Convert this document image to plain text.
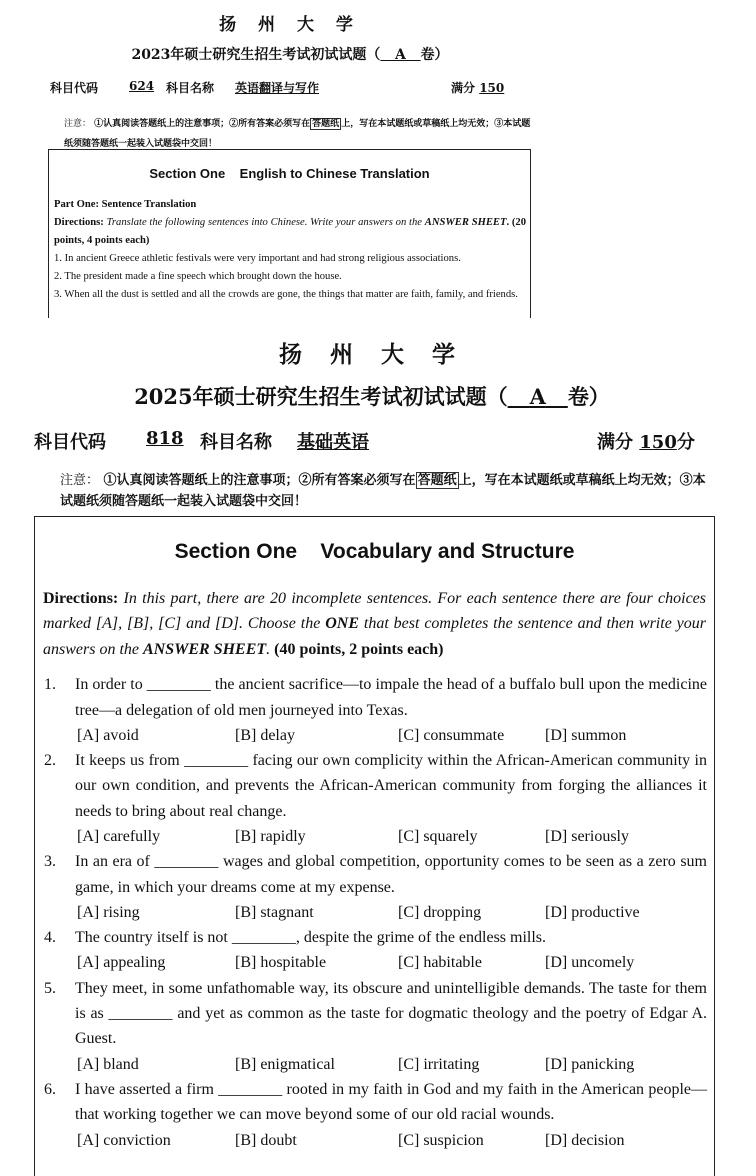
扬 州 大 学
2023年硕士研究生招生考试初试试题（ A 卷）
科目代码	624 科目名称 英语翻译与写作	满分 150
注意： ①认真阅读答题纸上的注意事项；②所有答案必须写在 答题纸 上，写在本试题纸或草稿纸上均无效；③本试题纸须随答题纸一起装入试题袋中交回！
Section One    English to Chinese Translation
Part One: Sentence Translation
Directions: Translate the following sentences into Chinese. Write your answers on the ANSWER SHEET. (20 points, 4 points each)
1. In ancient Greece athletic festivals were very important and had strong religious associations.
2. The president made a fine speech which brought down the house.
3. When all the dust is settled and all the crowds are gone, the things that matter are faith, family, and friends.
扬 州 大 学
2025年硕士研究生招生考试初试试题（ A 卷）
科目代码 818 科目名称 基础英语	满分 150分
注意： ①认真阅读答题纸上的注意事项；②所有答案必须写在 答题纸 上，写在本试题纸或草稿纸上均无效；③本试题纸须随答题纸一起装入试题袋中交回！
Section One    Vocabulary and Structure
Directions: In this part, there are 20 incomplete sentences. For each sentence there are four choices marked [A], [B], [C] and [D]. Choose the ONE that best completes the sentence and then write your answers on the ANSWER SHEET. (40 points, 2 points each)
1.	In order to ________ the ancient sacrifice—to impale the head of a buffalo bull upon the medicine tree—a delegation of old men journeyed into Texas.
[A] avoid	[B] delay	[C] consummate	[D] summon
2.	It keeps us from ________ facing our own complicity within the African-American community in our own condition, and prevents the African-American community from forging the alliances it needs to bring about real change.
[A] carefully	[B] rapidly	[C] squarely	[D] seriously
3.	In an era of ________ wages and global competition, opportunity comes to be seen as a zero sum game, in which your dreams come at my expense.
[A] rising	[B] stagnant	[C] dropping	[D] productive
4.	The country itself is not ________, despite the grime of the endless mills.
[A] appealing	[B] hospitable	[C] habitable	[D] uncomely
5.	They meet, in some unfathomable way, its obscure and unintelligible demands. The taste for them is as ________ and yet as common as the taste for dogmatic theology and the poetry of Edgar A. Guest.
[A] bland	[B] enigmatical	[C] irritating	[D] panicking
6.	I have asserted a firm ________ rooted in my faith in God and my faith in the American people—that working together we can move beyond some of our old racial wounds.
[A] conviction	[B] doubt	[C] suspicion	[D] decision
